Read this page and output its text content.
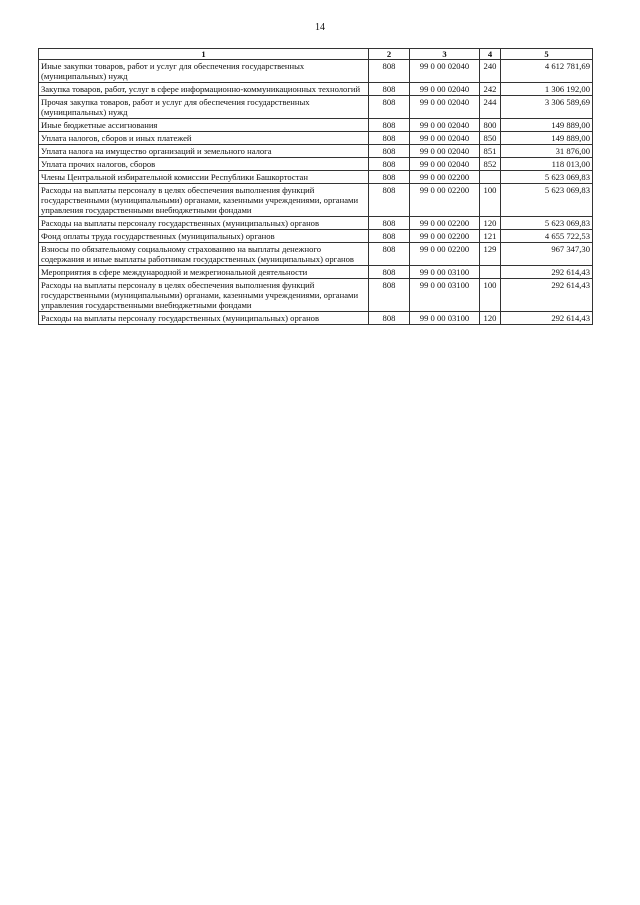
14
1	2	3	4	5
Иные закупки товаров, работ и услуг для обеспечения государственных (муниципальных) нужд	808	99 0 00 02040	240	4 612 781,69
Закупка товаров, работ, услуг в сфере информационно-коммуникационных технологий	808	99 0 00 02040	242	1 306 192,00
Прочая закупка товаров, работ и услуг для обеспечения государственных (муниципальных) нужд	808	99 0 00 02040	244	3 306 589,69
Иные бюджетные ассигнования	808	99 0 00 02040	800	149 889,00
Уплата налогов, сборов и иных платежей	808	99 0 00 02040	850	149 889,00
Уплата налога на имущество организаций и земельного налога	808	99 0 00 02040	851	31 876,00
Уплата прочих налогов, сборов	808	99 0 00 02040	852	118 013,00
Члены Центральной избирательной комиссии Республики Башкортостан	808	99 0 00 02200		5 623 069,83
Расходы на выплаты персоналу в целях обеспечения выполнения функций государственными (муниципальными) органами, казенными учреждениями, органами управления государственными внебюджетными фондами	808	99 0 00 02200	100	5 623 069,83
Расходы на выплаты персоналу государственных (муниципальных) органов	808	99 0 00 02200	120	5 623 069,83
Фонд оплаты труда государственных (муниципальных) органов	808	99 0 00 02200	121	4 655 722,53
Взносы по обязательному социальному страхованию на выплаты денежного содержания и иные выплаты работникам государственных (муниципальных) органов	808	99 0 00 02200	129	967 347,30
Мероприятия в сфере международной и межрегиональной деятельности	808	99 0 00 03100		292 614,43
Расходы на выплаты персоналу в целях обеспечения выполнения функций государственными (муниципальными) органами, казенными учреждениями, органами управления государственными внебюджетными фондами	808	99 0 00 03100	100	292 614,43
Расходы на выплаты персоналу государственных (муниципальных) органов	808	99 0 00 03100	120	292 614,43
